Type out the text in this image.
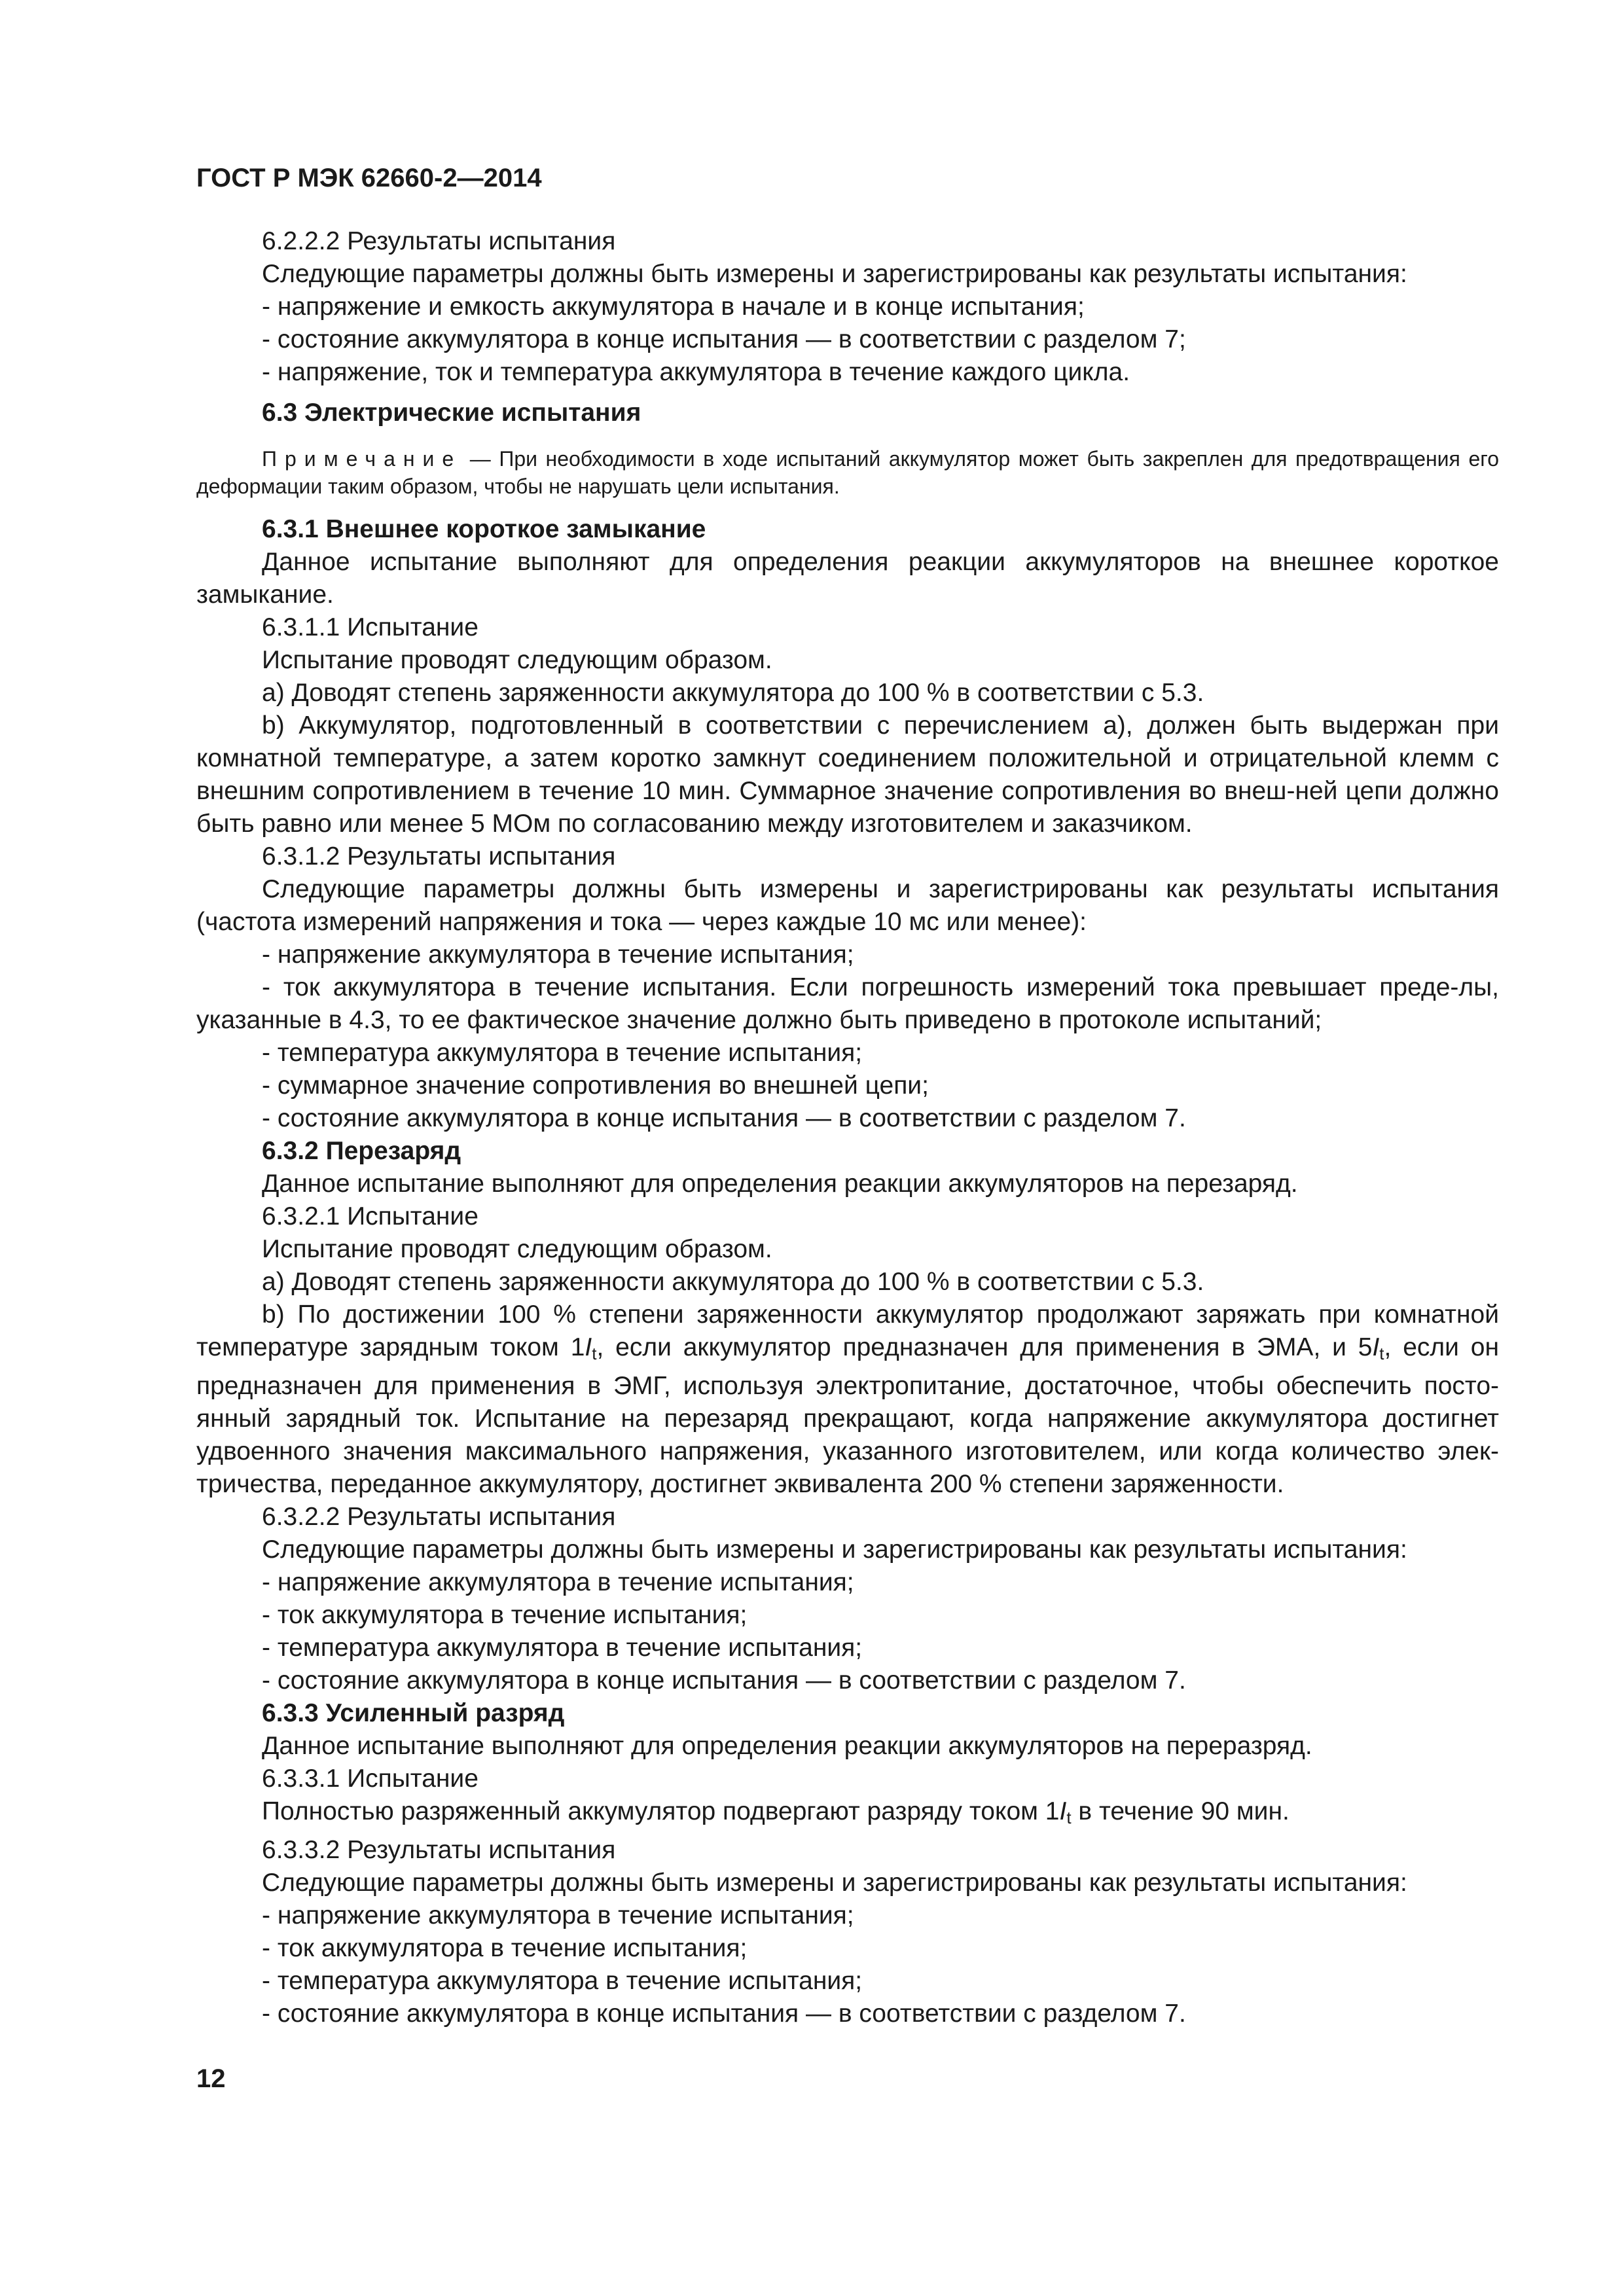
ГОСТ Р МЭК 62660-2—2014

6.2.2.2 Результаты испытания

Следующие параметры должны быть измерены и зарегистрированы как результаты испытания:

- напряжение и емкость аккумулятора в начале и в конце испытания;

- состояние аккумулятора в конце испытания — в соответствии с разделом 7;

- напряжение, ток и температура аккумулятора в течение каждого цикла.

6.3 Электрические испытания

Примечание — При необходимости в ходе испытаний аккумулятор может быть закреплен для предотвращения его деформации таким образом, чтобы не нарушать цели испытания.

6.3.1 Внешнее короткое замыкание

Данное испытание выполняют для определения реакции аккумуляторов на внешнее короткое замыкание.

6.3.1.1 Испытание

Испытание проводят следующим образом.

а) Доводят степень заряженности аккумулятора до 100 % в соответствии с 5.3.

b) Аккумулятор, подготовленный в соответствии с перечислением а), должен быть выдержан при комнатной температуре, а затем коротко замкнут соединением положительной и отрицательной клемм с внешним сопротивлением в течение 10 мин. Суммарное значение сопротивления во внеш-ней цепи должно быть равно или менее 5 МОм по согласованию между изготовителем и заказчиком.

6.3.1.2 Результаты испытания

Следующие параметры должны быть измерены и зарегистрированы как результаты испытания (частота измерений напряжения и тока — через каждые 10 мс или менее):

- напряжение аккумулятора в течение испытания;

- ток аккумулятора в течение испытания. Если погрешность измерений тока превышает преде-лы, указанные в 4.3, то ее фактическое значение должно быть приведено в протоколе испытаний;

- температура аккумулятора в течение испытания;

- суммарное значение сопротивления во внешней цепи;

- состояние аккумулятора в конце испытания — в соответствии с разделом 7.

6.3.2 Перезаряд

Данное испытание выполняют для определения реакции аккумуляторов на перезаряд.

6.3.2.1 Испытание

Испытание проводят следующим образом.

а) Доводят степень заряженности аккумулятора до 100 % в соответствии с 5.3.

b) По достижении 100 % степени заряженности аккумулятор продолжают заряжать при комнатной температуре зарядным током $1I_t$, если аккумулятор предназначен для применения в ЭМА, и $5I_t$, если он предназначен для применения в ЭМГ, используя электропитание, достаточное, чтобы обеспечить посто-янный зарядный ток. Испытание на перезаряд прекращают, когда напряжение аккумулятора достигнет удвоенного значения максимального напряжения, указанного изготовителем, или когда количество элек-тричества, переданное аккумулятору, достигнет эквивалента 200 % степени заряженности.

6.3.2.2 Результаты испытания

Следующие параметры должны быть измерены и зарегистрированы как результаты испытания:

- напряжение аккумулятора в течение испытания;

- ток аккумулятора в течение испытания;

- температура аккумулятора в течение испытания;

- состояние аккумулятора в конце испытания — в соответствии с разделом 7.

6.3.3 Усиленный разряд

Данное испытание выполняют для определения реакции аккумуляторов на переразряд.

6.3.3.1 Испытание

Полностью разряженный аккумулятор подвергают разряду током $1I_t$ в течение 90 мин.

6.3.3.2 Результаты испытания

Следующие параметры должны быть измерены и зарегистрированы как результаты испытания:

- напряжение аккумулятора в течение испытания;

- ток аккумулятора в течение испытания;

- температура аккумулятора в течение испытания;

- состояние аккумулятора в конце испытания — в соответствии с разделом 7.

12
